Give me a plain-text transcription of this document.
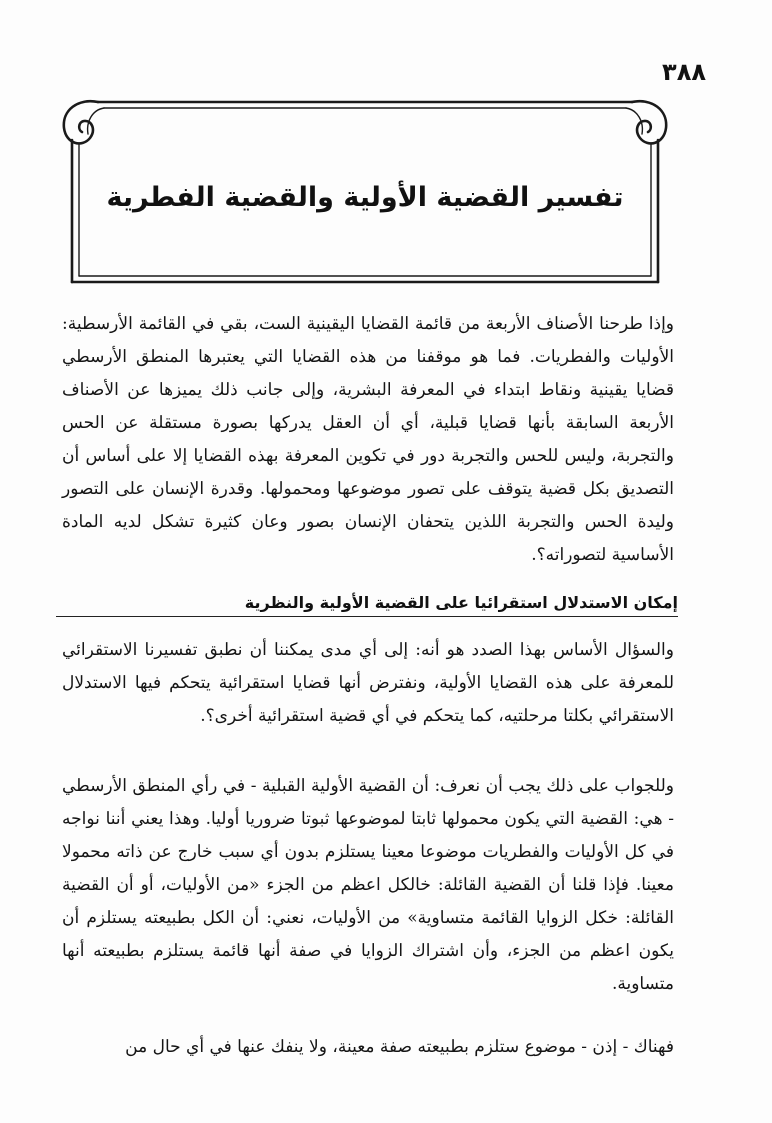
٣٨٨
تفسير القضية الأولية والقضية الفطرية

وإذا طرحنا الأصناف الأربعة من قائمة القضايا اليقينية الست، بقي في القائمة الأرسطية: الأوليات والفطريات. فما هو موقفنا من هذه القضايا التي يعتبرها المنطق الأرسطي قضايا يقينية ونقاط ابتداء في المعرفة البشرية، وإلى جانب ذلك يميزها عن الأصناف الأربعة السابقة بأنها قضايا قبلية، أي أن العقل يدركها بصورة مستقلة عن الحس والتجربة، وليس للحس والتجربة دور في تكوين المعرفة بهذه القضايا إلا على أساس أن التصديق بكل قضية يتوقف على تصور موضوعها ومحمولها. وقدرة الإنسان على التصور وليدة الحس والتجربة اللذين يتحفان الإنسان بصور وعان كثيرة تشكل لديه المادة الأساسية لتصوراته؟.

إمكان الاستدلال استقرائيا على القضية الأولية والنظرية

والسؤال الأساس بهذا الصدد هو أنه: إلى أي مدى يمكننا أن نطبق تفسيرنا الاستقرائي للمعرفة على هذه القضايا الأولية، ونفترض أنها قضايا استقرائية يتحكم فيها الاستدلال الاستقرائي بكلتا مرحلتيه، كما يتحكم في أي قضية استقرائية أخرى؟.

وللجواب على ذلك يجب أن نعرف: أن القضية الأولية القبلية - في رأي المنطق الأرسطي - هي: القضية التي يكون محمولها ثابتا لموضوعها ثبوتا ضروريا أوليا. وهذا يعني أننا نواجه في كل الأوليات والفطريات موضوعا معينا يستلزم بدون أي سبب خارج عن ذاته محمولا معينا. فإذا قلنا أن القضية القائلة: خالكل اعظم من الجزء «من الأوليات، أو أن القضية القائلة: خكل الزوايا القائمة متساوية» من الأوليات، نعني: أن الكل بطبيعته يستلزم أن يكون اعظم من الجزء، وأن اشتراك الزوايا في صفة أنها قائمة يستلزم بطبيعته أنها متساوية.

فهناك - إذن - موضوع ستلزم بطبيعته صفة معينة، ولا ينفك عنها في أي حال من
